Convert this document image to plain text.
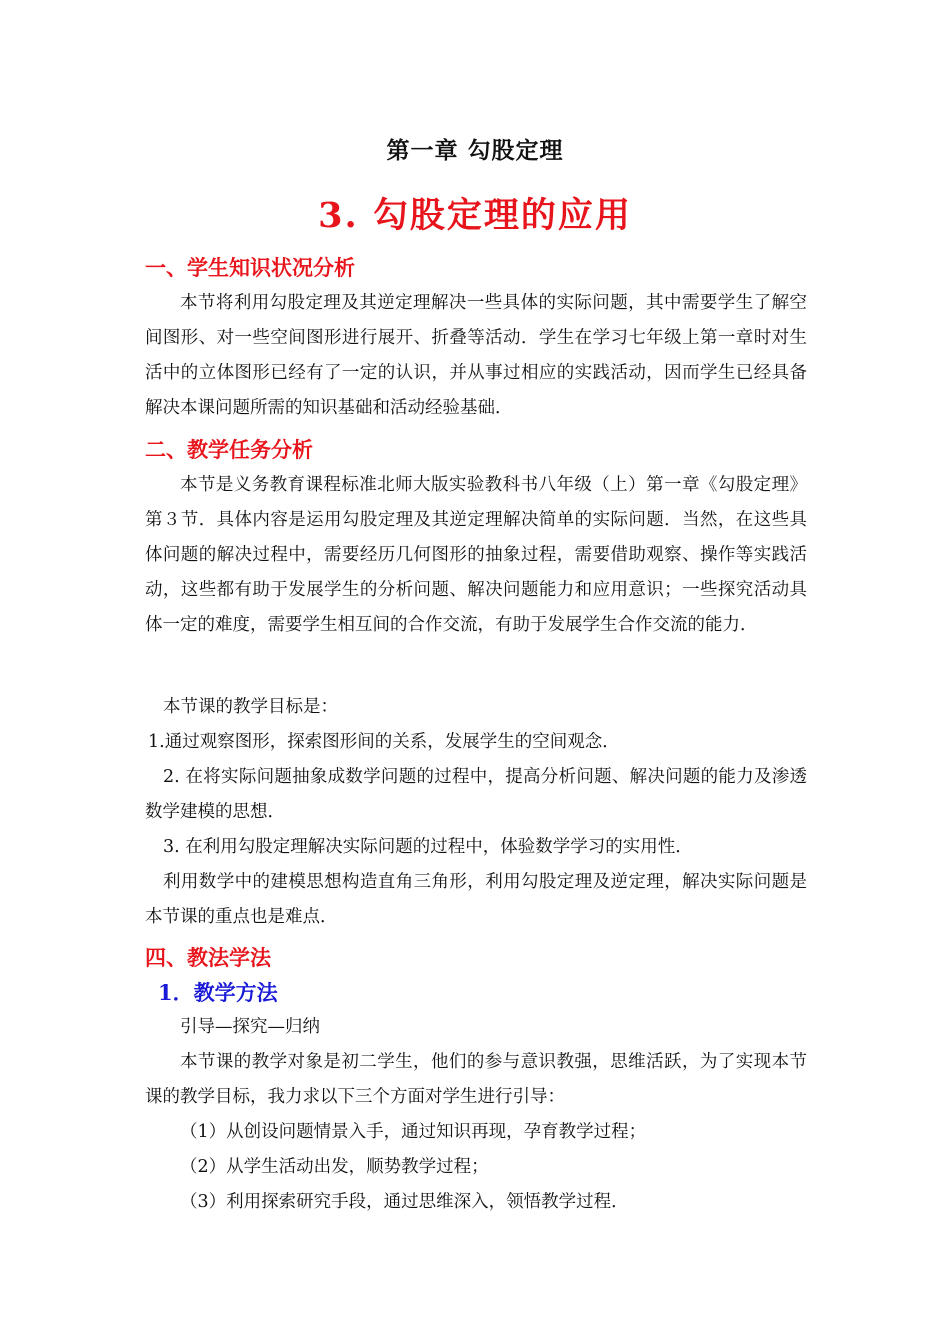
第一章 勾股定理
3. 勾股定理的应用
一、学生知识状况分析
本节将利用勾股定理及其逆定理解决一些具体的实际问题，其中需要学生了解空间图形、对一些空间图形进行展开、折叠等活动．学生在学习七年级上第一章时对生活中的立体图形已经有了一定的认识，并从事过相应的实践活动，因而学生已经具备解决本课问题所需的知识基础和活动经验基础．
二、教学任务分析
本节是义务教育课程标准北师大版实验教科书八年级（上）第一章《勾股定理》第３节．具体内容是运用勾股定理及其逆定理解决简单的实际问题．当然，在这些具体问题的解决过程中，需要经历几何图形的抽象过程，需要借助观察、操作等实践活动，这些都有助于发展学生的分析问题、解决问题能力和应用意识；一些探究活动具体一定的难度，需要学生相互间的合作交流，有助于发展学生合作交流的能力．
本节课的教学目标是：
1.通过观察图形，探索图形间的关系，发展学生的空间观念．
2. 在将实际问题抽象成数学问题的过程中，提高分析问题、解决问题的能力及渗透数学建模的思想．
3. 在利用勾股定理解决实际问题的过程中，体验数学学习的实用性．
利用数学中的建模思想构造直角三角形，利用勾股定理及逆定理，解决实际问题是本节课的重点也是难点．
四、教法学法
1．教学方法
引导—探究—归纳
本节课的教学对象是初二学生，他们的参与意识教强，思维活跃，为了实现本节课的教学目标，我力求以下三个方面对学生进行引导：
（1）从创设问题情景入手，通过知识再现，孕育教学过程；
（2）从学生活动出发，顺势教学过程；
（3）利用探索研究手段，通过思维深入，领悟教学过程．
